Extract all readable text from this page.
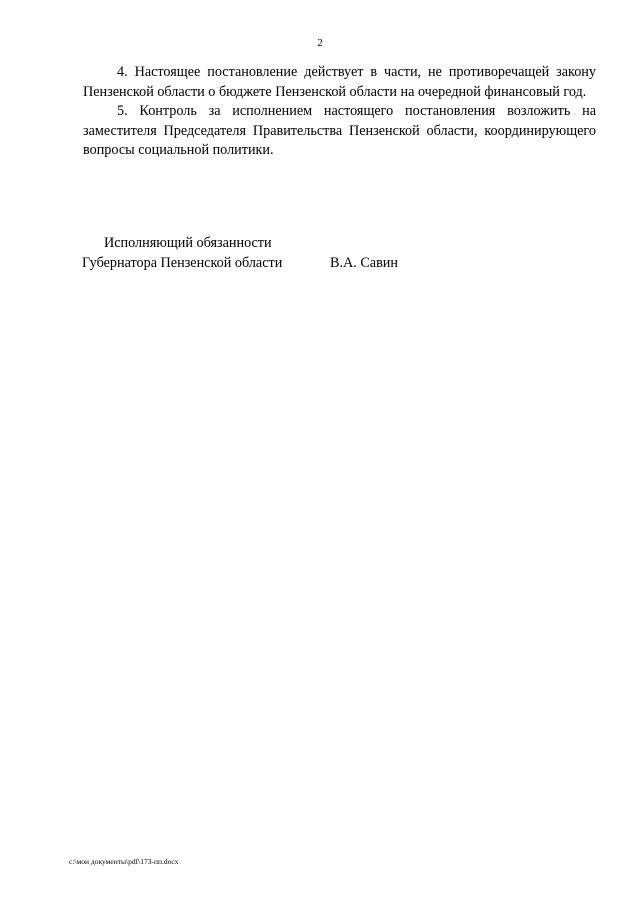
2

4. Настоящее постановление действует в части, не противоречащей закону Пензенской области о бюджете Пензенской области на очередной финансовый год.

5. Контроль за исполнением настоящего постановления возложить на заместителя Председателя Правительства Пензенской области, координирующего вопросы социальной политики.

Исполняющий обязанности
Губернатора Пензенской области	В.А. Савин
c:\мои документы\pdf\173-пп.docx
